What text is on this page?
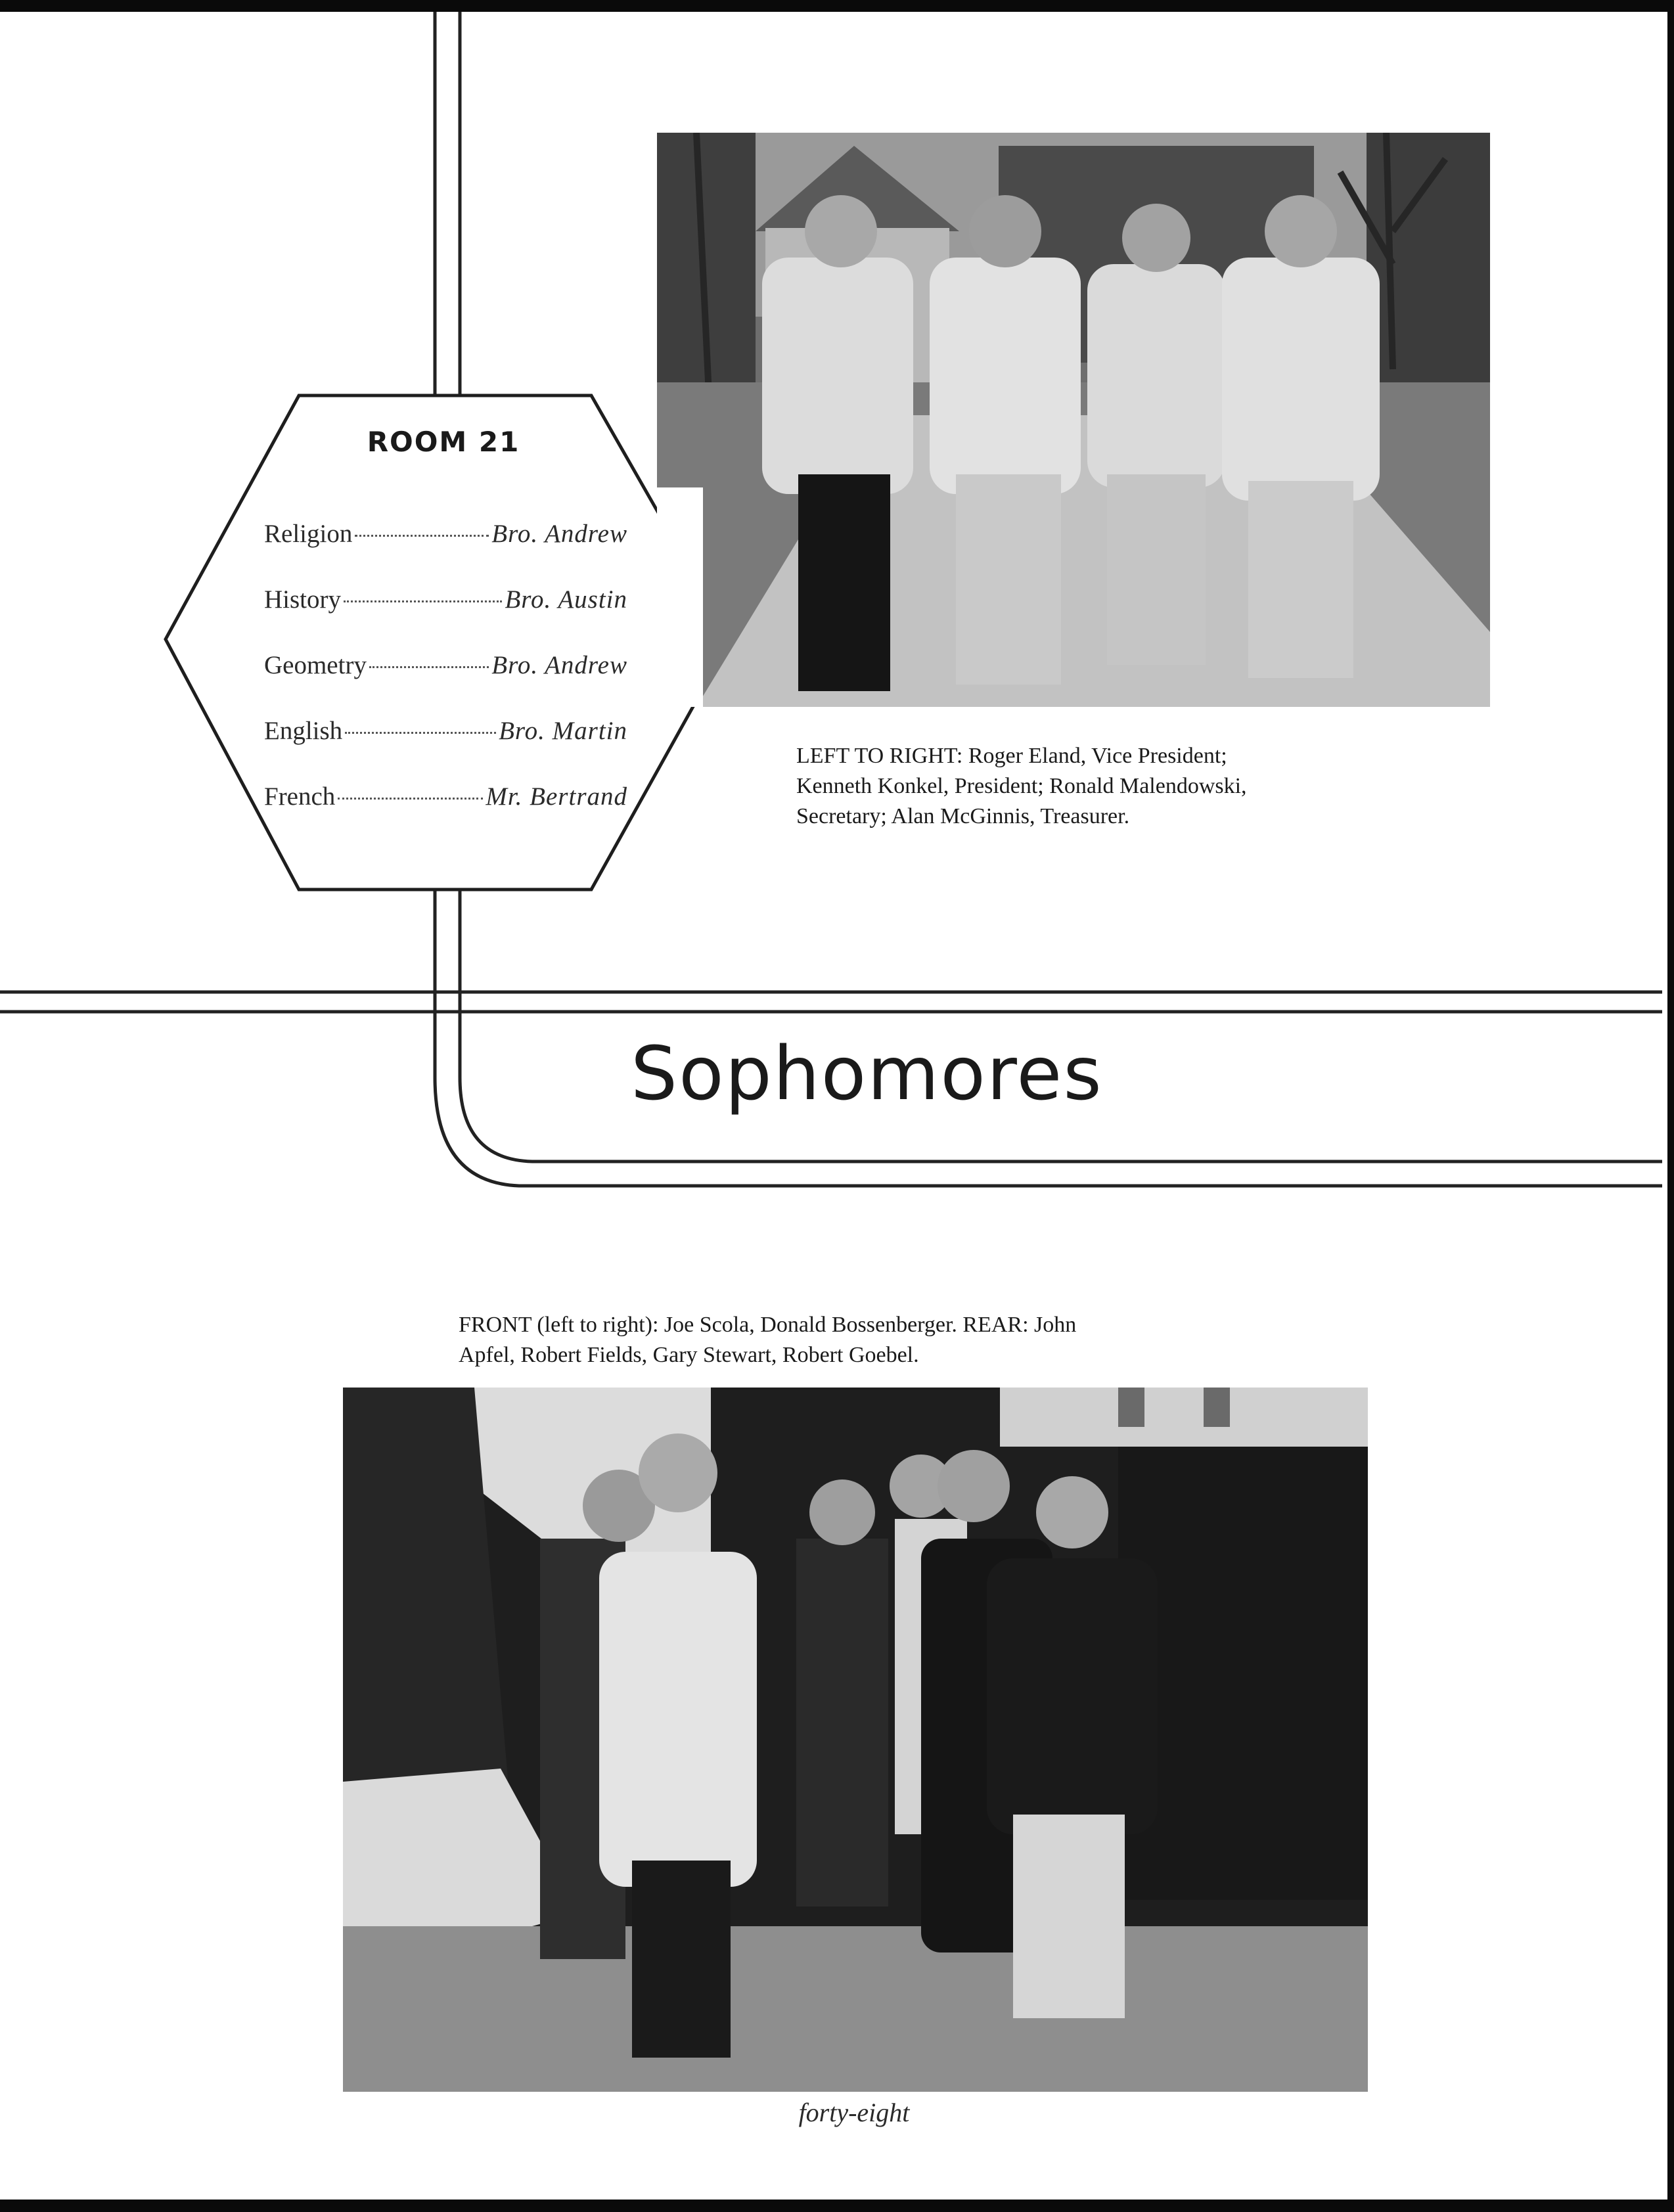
ROOM 21
Religion	Bro. Andrew
History	Bro. Austin
Geometry	Bro. Andrew
English	Bro. Martin
French	Mr. Bertrand
LEFT TO RIGHT: Roger Eland, Vice President;
Kenneth Konkel, President; Ronald Malendowski,
Secretary; Alan McGinnis, Treasurer.
Sophomores
FRONT (left to right): Joe Scola, Donald Bossenberger. REAR: John
Apfel, Robert Fields, Gary Stewart, Robert Goebel.
forty-eight
